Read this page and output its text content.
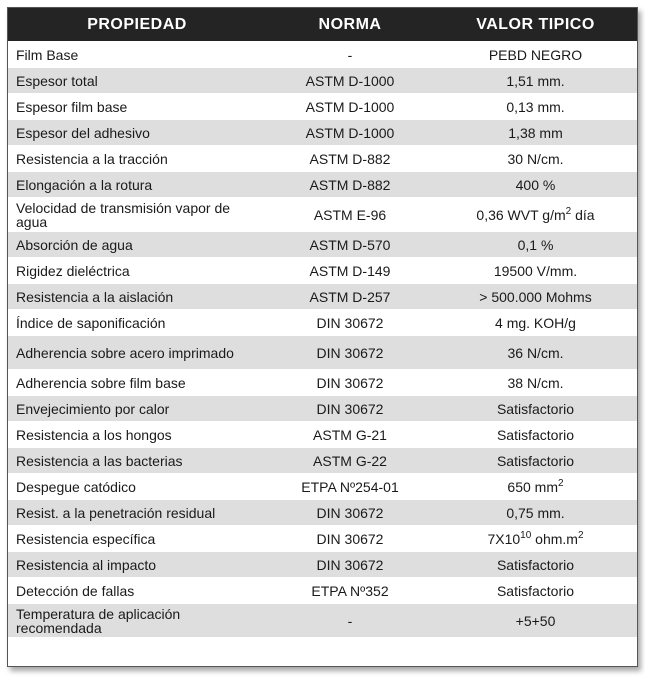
PROPIEDAD	NORMA	VALOR TIPICO
Film Base	-	PEBD NEGRO
Espesor total	ASTM D-1000	1,51 mm.
Espesor film base	ASTM D-1000	0,13 mm.
Espesor del adhesivo	ASTM D-1000	1,38 mm
Resistencia a la tracción	ASTM D-882	30 N/cm.
Elongación a la rotura	ASTM D-882	400 %
Velocidad de transmisión vapor de agua	ASTM E-96	0,36 WVT $g/m^2$ día
Absorción de agua	ASTM D-570	0,1 %
Rigidez dieléctrica	ASTM D-149	19500 V/mm.
Resistencia a la aislación	ASTM D-257	> 500.000 Mohms
Índice de saponificación	DIN 30672	4 mg. KOH/g
Adherencia sobre acero imprimado	DIN 30672	36 N/cm.
Adherencia sobre film base	DIN 30672	38 N/cm.
Envejecimiento por calor	DIN 30672	Satisfactorio
Resistencia a los hongos	ASTM G-21	Satisfactorio
Resistencia a las bacterias	ASTM G-22	Satisfactorio
Despegue catódico	ETPA Nº254-01	650 $mm^2$
Resist. a la penetración residual	DIN 30672	0,75 mm.
Resistencia específica	DIN 30672	$7X10^{10}$ $ohm.m^2$
Resistencia al impacto	DIN 30672	Satisfactorio
Detección de fallas	ETPA Nº352	Satisfactorio
Temperatura de aplicación recomendada	-	+5+50
